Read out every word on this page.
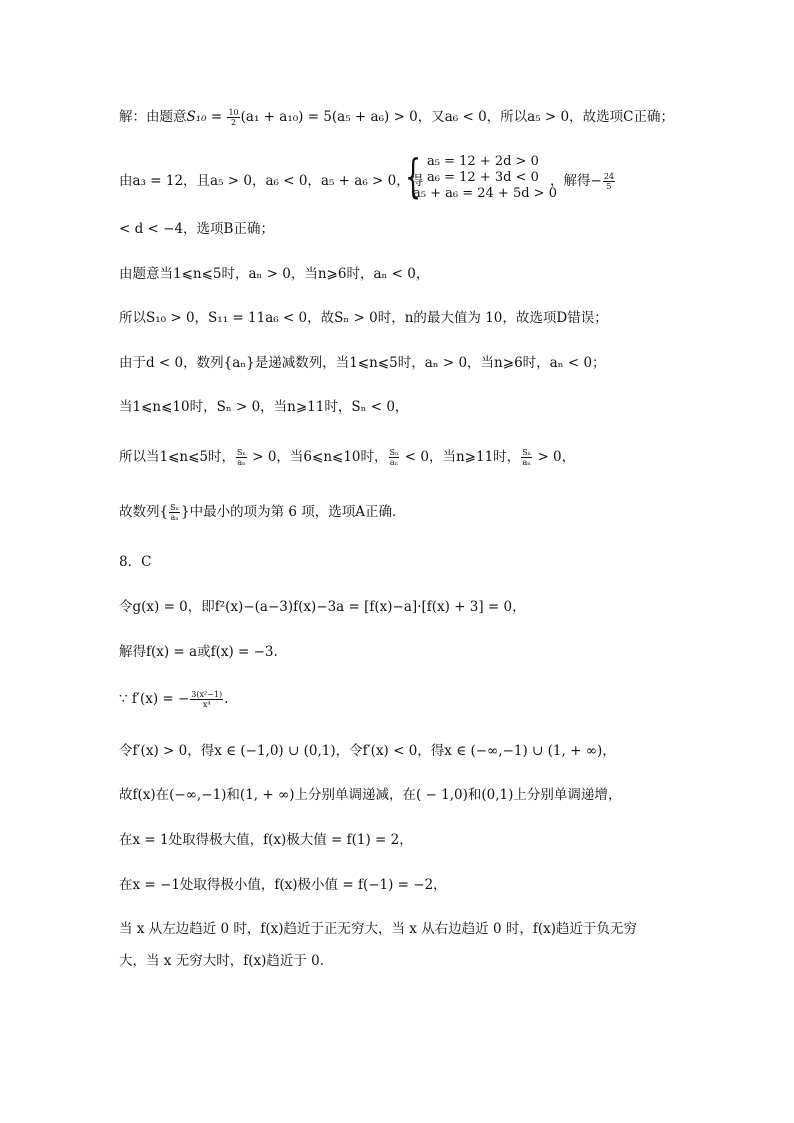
解：由题意$S_{10} = \frac{10}{2} (a_1 + a_{10}) = 5(a_5 + a_6) > 0$，又a₆ < 0，所以a₅ > 0，故选项C正确；
由a₃ = 12，且a₅ > 0，a₆ < 0，a₅ + a₆ > 0，得
{ a₅ = 12 + 2d > 0
a₆ = 12 + 3d < 0
a₅ + a₆ = 24 + 5d > 0
，解得− $\frac{24}{5}$
< d < −4，选项B正确；
由题意当1⩽n⩽5时，aₙ > 0，当n⩾6时，aₙ < 0，
所以S₁₀ > 0，S₁₁ = 11a₆ < 0，故Sₙ > 0时，n的最大值为 10，故选项D错误；
由于d < 0，数列{aₙ}是递减数列，当1⩽n⩽5时，aₙ > 0，当n⩾6时，aₙ < 0；
当1⩽n⩽10时，Sₙ > 0，当n⩾11时，Sₙ < 0，
所以当1⩽n⩽5时， $\frac{\text{Sₙ}}{\text{aₙ}} > 0$，当6⩽n⩽10时， $\frac{\text{Sₙ}}{\text{aₙ}} < 0$，当n⩾11时， $\frac{\text{Sₙ}}{\text{aₙ}} > 0$，
故数列{ $\frac{\text{Sₙ}}{\text{aₙ}}$ }中最小的项为第 6 项，选项A正确．
8．C
令g(x) = 0，即f²(x)−(a−3)f(x)−3a = [f(x)−a]·[f(x) + 3] = 0，
解得f(x) = a或f(x) = −3.
∵ f′(x) = − $\frac{\text{3(x²−1)}}{\text{x⁴}}$ .
令f′(x) > 0，得x ∈ (−1,0) ∪ (0,1)，令f′(x) < 0，得x ∈ (−∞,−1) ∪ (1, + ∞)，
故f(x)在(−∞,−1)和(1, + ∞)上分别单调递减，在( − 1,0)和(0,1)上分别单调递增，
在x = 1处取得极大值，f(x)极大值 = f(1) = 2，
在x = −1处取得极小值，f(x)极小值 = f(−1) = −2，
当 x 从左边趋近 0 时，f(x)趋近于正无穷大，当 x 从右边趋近 0 时，f(x)趋近于负无穷
大，当 x 无穷大时，f(x)趋近于 0.
